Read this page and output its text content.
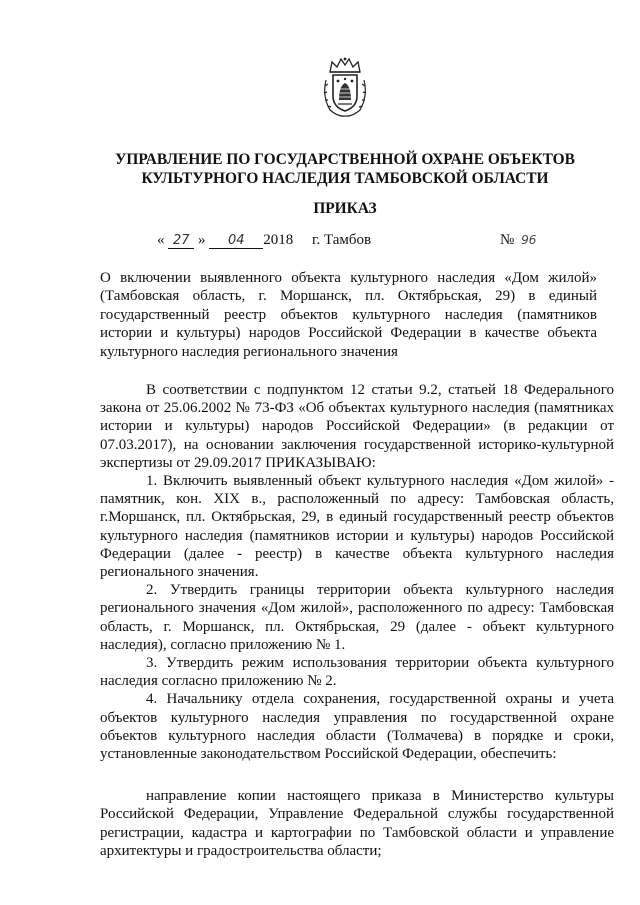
УПРАВЛЕНИЕ ПО ГОСУДАРСТВЕННОЙ ОХРАНЕ ОБЪЕКТОВ
КУЛЬТУРНОГО НАСЛЕДИЯ ТАМБОВСКОЙ ОБЛАСТИ
ПРИКАЗ
« 27 » 04 2018 г. Тамбов	№ 96
О включении выявленного объекта культурного наследия «Дом жилой» (Тамбовская область, г. Моршанск, пл. Октябрьская, 29) в единый государственный реестр объектов культурного наследия (памятников истории и культуры) народов Российской Федерации в качестве объекта культурного наследия регионального значения

В соответствии с подпунктом 12 статьи 9.2, статьей 18 Федерального закона от 25.06.2002 № 73-ФЗ «Об объектах культурного наследия (памятниках истории и культуры) народов Российской Федерации» (в редакции от 07.03.2017), на основании заключения государственной историко-культурной экспертизы от 29.09.2017 ПРИКАЗЫВАЮ:

1. Включить выявленный объект культурного наследия «Дом жилой» - памятник, кон. XIX в., расположенный по адресу: Тамбовская область, г.Моршанск, пл. Октябрьская, 29, в единый государственный реестр объектов культурного наследия (памятников истории и культуры) народов Российской Федерации (далее - реестр) в качестве объекта культурного наследия регионального значения.

2. Утвердить границы территории объекта культурного наследия регионального значения «Дом жилой», расположенного по адресу: Тамбовская область, г. Моршанск, пл. Октябрьская, 29 (далее - объект культурного наследия), согласно приложению № 1.

3. Утвердить режим использования территории объекта культурного наследия согласно приложению № 2.

4. Начальнику отдела сохранения, государственной охраны и учета объектов культурного наследия управления по государственной охране объектов культурного наследия области (Толмачева) в порядке и сроки, установленные законодательством Российской Федерации, обеспечить:

направление копии настоящего приказа в Министерство культуры Российской Федерации, Управление Федеральной службы государственной регистрации, кадастра и картографии по Тамбовской области и управление архитектуры и градостроительства области;
